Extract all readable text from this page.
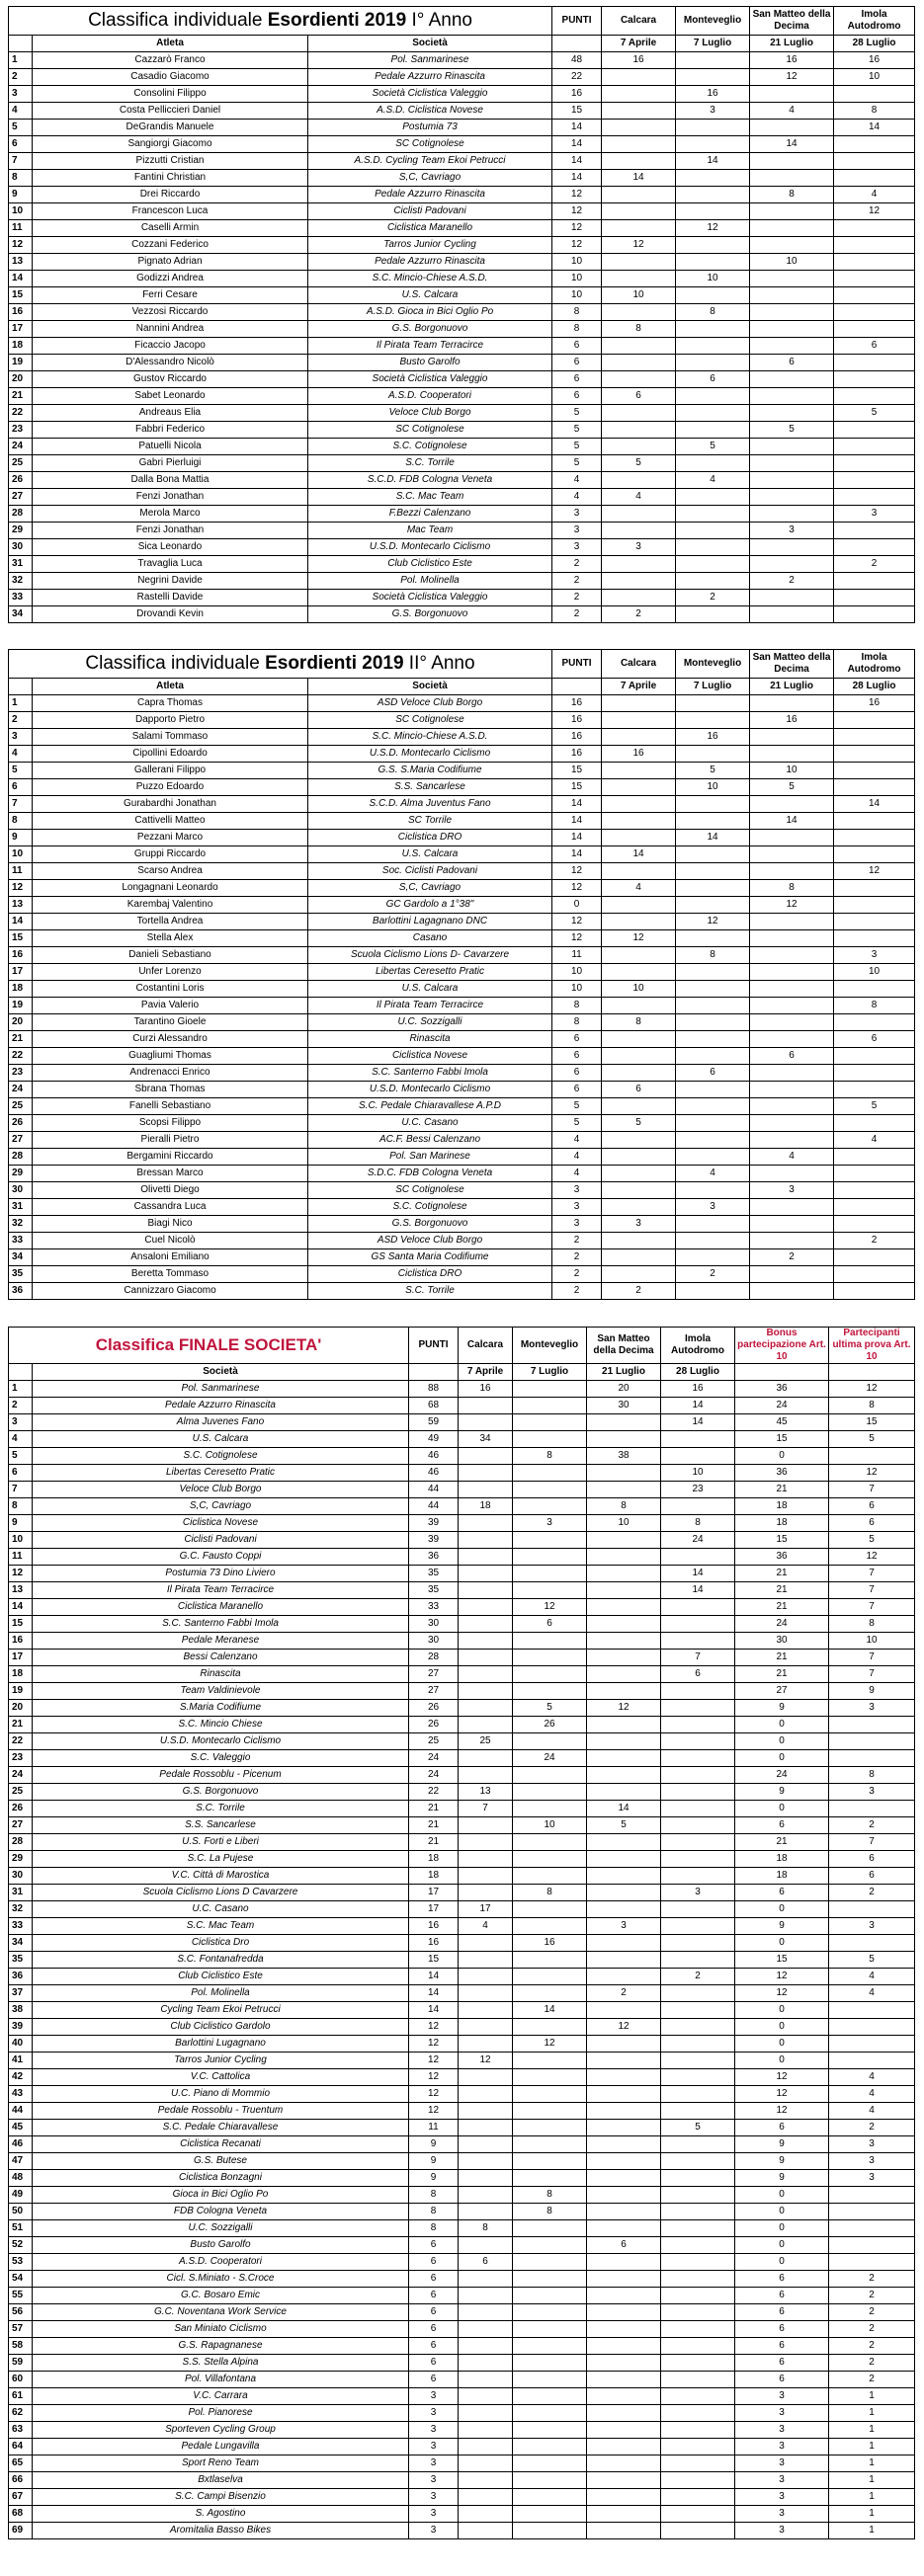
Classifica individuale Esordienti 2019 I° Anno			PUNTI	Calcara	Monteveglio	San Matteo della Decima	Imola Autodromo
	Atleta	Società		7 Aprile	7 Luglio	21 Luglio	28 Luglio
1	Cazzarò Franco	Pol. Sanmarinese	48	16		16	16
2	Casadio Giacomo	Pedale Azzurro Rinascita	22			12	10
3	Consolini Filippo	Società Ciclistica Valeggio	16		16		
4	Costa Pelliccieri Daniel	A.S.D. Ciclistica Novese	15		3	4	8
5	DeGrandis Manuele	Postumia 73	14				14
6	Sangiorgi Giacomo	SC Cotignolese	14			14	
7	Pizzutti Cristian	A.S.D. Cycling Team Ekoi Petrucci	14		14		
8	Fantini Christian	S,C, Cavriago	14	14			
9	Drei Riccardo	Pedale Azzurro Rinascita	12			8	4
10	Francescon Luca	Ciclisti Padovani	12				12
11	Caselli Armin	Ciclistica Maranello	12		12		
12	Cozzani Federico	Tarros Junior Cycling	12	12			
13	Pignato Adrian	Pedale Azzurro Rinascita	10			10	
14	Godizzi Andrea	S.C. Mincio-Chiese A.S.D.	10		10		
15	Ferri Cesare	U.S. Calcara	10	10			
16	Vezzosi Riccardo	A.S.D. Gioca in Bici Oglio Po	8		8		
17	Nannini Andrea	G.S. Borgonuovo	8	8			
18	Ficaccio Jacopo	Il Pirata Team Terracirce	6				6
19	D'Alessandro Nicolò	Busto Garolfo	6			6	
20	Gustov Riccardo	Società Ciclistica Valeggio	6		6		
21	Sabet Leonardo	A.S.D. Cooperatori	6	6			
22	Andreaus Elia	Veloce Club Borgo	5				5
23	Fabbri Federico	SC Cotignolese	5			5	
24	Patuelli Nicola	S.C. Cotignolese	5		5		
25	Gabri Pierluigi	S.C. Torrile	5	5			
26	Dalla Bona Mattia	S.C.D. FDB Cologna Veneta	4		4		
27	Fenzi Jonathan	S.C. Mac Team	4	4			
28	Merola Marco	F.Bezzi Calenzano	3				3
29	Fenzi Jonathan	Mac Team	3			3	
30	Sica Leonardo	U.S.D. Montecarlo Ciclismo	3	3			
31	Travaglia Luca	Club Ciclistico Este	2				2
32	Negrini Davide	Pol. Molinella	2			2	
33	Rastelli Davide	Società Ciclistica Valeggio	2		2		
34	Drovandi Kevin	G.S. Borgonuovo	2	2			
Classifica individuale Esordienti 2019 II° Anno			PUNTI	Calcara	Monteveglio	San Matteo della Decima	Imola Autodromo
	Atleta	Società		7 Aprile	7 Luglio	21 Luglio	28 Luglio
1	Capra Thomas	ASD Veloce Club Borgo	16				16
2	Dapporto Pietro	SC Cotignolese	16			16	
3	Salami Tommaso	S.C. Mincio-Chiese A.S.D.	16		16		
4	Cipollini Edoardo	U.S.D. Montecarlo Ciclismo	16	16			
5	Gallerani Filippo	G.S. S.Maria Codifiume	15		5	10	
6	Puzzo Edoardo	S.S. Sancarlese	15		10	5	
7	Gurabardhi Jonathan	S.C.D. Alma Juventus Fano	14				14
8	Cattivelli Matteo	SC Torrile	14			14	
9	Pezzani Marco	Ciclistica DRO	14		14		
10	Gruppi Riccardo	U.S. Calcara	14	14			
11	Scarso Andrea	Soc. Ciclisti Padovani	12				12
12	Longagnani Leonardo	S,C, Cavriago	12	4		8	
13	Karembaj Valentino	GC Gardolo a 1°38"	0			12	
14	Tortella Andrea	Barlottini Lagagnano DNC	12		12		
15	Stella Alex	Casano	12	12			
16	Danieli Sebastiano	Scuola Ciclismo Lions D- Cavarzere	11		8		3
17	Unfer Lorenzo	Libertas Ceresetto Pratic	10				10
18	Costantini Loris	U.S. Calcara	10	10			
19	Pavia Valerio	Il Pirata Team Terracirce	8				8
20	Tarantino Gioele	U.C. Sozzigalli	8	8			
21	Curzi Alessandro	Rinascita	6				6
22	Guagliumi Thomas	Ciclistica Novese	6			6	
23	Andrenacci Enrico	S.C. Santerno Fabbi Imola	6		6		
24	Sbrana Thomas	U.S.D. Montecarlo Ciclismo	6	6			
25	Fanelli Sebastiano	S.C. Pedale Chiaravallese A.P.D	5				5
26	Scopsi Filippo	U.C. Casano	5	5			
27	Pieralli Pietro	AC.F. Bessi Calenzano	4				4
28	Bergamini Riccardo	Pol. San Marinese	4			4	
29	Bressan Marco	S.D.C. FDB Cologna Veneta	4		4		
30	Olivetti Diego	SC Cotignolese	3			3	
31	Cassandra Luca	S.C. Cotignolese	3		3		
32	Biagi Nico	G.S. Borgonuovo	3	3			
33	Cuel Nicolò	ASD Veloce Club Borgo	2				2
34	Ansaloni Emiliano	GS Santa Maria Codifiume	2			2	
35	Beretta Tommaso	Ciclistica DRO	2		2		
36	Cannizzaro Giacomo	S.C. Torrile	2	2			
Classifica FINALE SOCIETA'		PUNTI	Calcara	Monteveglio	San Matteo della Decima	Imola Autodromo	Bonus partecipazione Art. 10	Partecipanti ultima prova Art. 10
	Società		7 Aprile	7 Luglio	21 Luglio	28 Luglio		
1	Pol. Sanmarinese	88	16		20	16	36	12
2	Pedale Azzurro Rinascita	68			30	14	24	8
3	Alma Juvenes Fano	59				14	45	15
4	U.S. Calcara	49	34				15	5
5	S.C. Cotignolese	46		8	38		0	
6	Libertas Ceresetto Pratic	46				10	36	12
7	Veloce Club Borgo	44				23	21	7
8	S,C, Cavriago	44	18		8		18	6
9	Ciclistica Novese	39		3	10	8	18	6
10	Ciclisti Padovani	39				24	15	5
11	G.C. Fausto Coppi	36					36	12
12	Postumia 73 Dino Liviero	35				14	21	7
13	Il Pirata Team Terracirce	35				14	21	7
14	Ciclistica Maranello	33		12			21	7
15	S.C. Santerno Fabbi Imola	30		6			24	8
16	Pedale Meranese	30					30	10
17	Bessi Calenzano	28				7	21	7
18	Rinascita	27				6	21	7
19	Team Valdinievole	27					27	9
20	S.Maria Codifiume	26		5	12		9	3
21	S.C. Mincio Chiese	26		26			0	
22	U.S.D. Montecarlo Ciclismo	25	25				0	
23	S.C. Valeggio	24		24			0	
24	Pedale Rossoblu - Picenum	24					24	8
25	G.S. Borgonuovo	22	13				9	3
26	S.C. Torrile	21	7		14		0	
27	S.S. Sancarlese	21		10	5		6	2
28	U.S. Forti e Liberi	21					21	7
29	S.C. La Pujese	18					18	6
30	V.C. Città di Marostica	18					18	6
31	Scuola Ciclismo Lions D Cavarzere	17		8		3	6	2
32	U.C. Casano	17	17				0	
33	S.C. Mac Team	16	4		3		9	3
34	Ciclistica Dro	16		16			0	
35	S.C. Fontanafredda	15					15	5
36	Club Ciclistico Este	14				2	12	4
37	Pol. Molinella	14			2		12	4
38	Cycling Team Ekoi Petrucci	14		14			0	
39	Club Ciclistico Gardolo	12			12		0	
40	Barlottini Lugagnano	12		12			0	
41	Tarros Junior Cycling	12	12				0	
42	V.C. Cattolica	12					12	4
43	U.C. Piano di Mommio	12					12	4
44	Pedale Rossoblu - Truentum	12					12	4
45	S.C. Pedale Chiaravallese	11				5	6	2
46	Ciclistica Recanati	9					9	3
47	G.S. Butese	9					9	3
48	Ciclistica Bonzagni	9					9	3
49	Gioca in Bici Oglio Po	8		8			0	
50	FDB Cologna Veneta	8		8			0	
51	U.C. Sozzigalli	8	8				0	
52	Busto Garolfo	6			6		0	
53	A.S.D. Cooperatori	6	6				0	
54	Cicl. S.Miniato - S.Croce	6					6	2
55	G.C. Bosaro Emic	6					6	2
56	G.C. Noventana Work Service	6					6	2
57	San Miniato Ciclismo	6					6	2
58	G.S. Rapagnanese	6					6	2
59	S.S. Stella Alpina	6					6	2
60	Pol. Villafontana	6					6	2
61	V.C. Carrara	3					3	1
62	Pol. Pianorese	3					3	1
63	Sporteven Cycling Group	3					3	1
64	Pedale Lungavilla	3					3	1
65	Sport Reno Team	3					3	1
66	Bxtlaselva	3					3	1
67	S.C. Campi Bisenzio	3					3	1
68	S. Agostino	3					3	1
69	Aromitalia Basso Bikes	3					3	1
